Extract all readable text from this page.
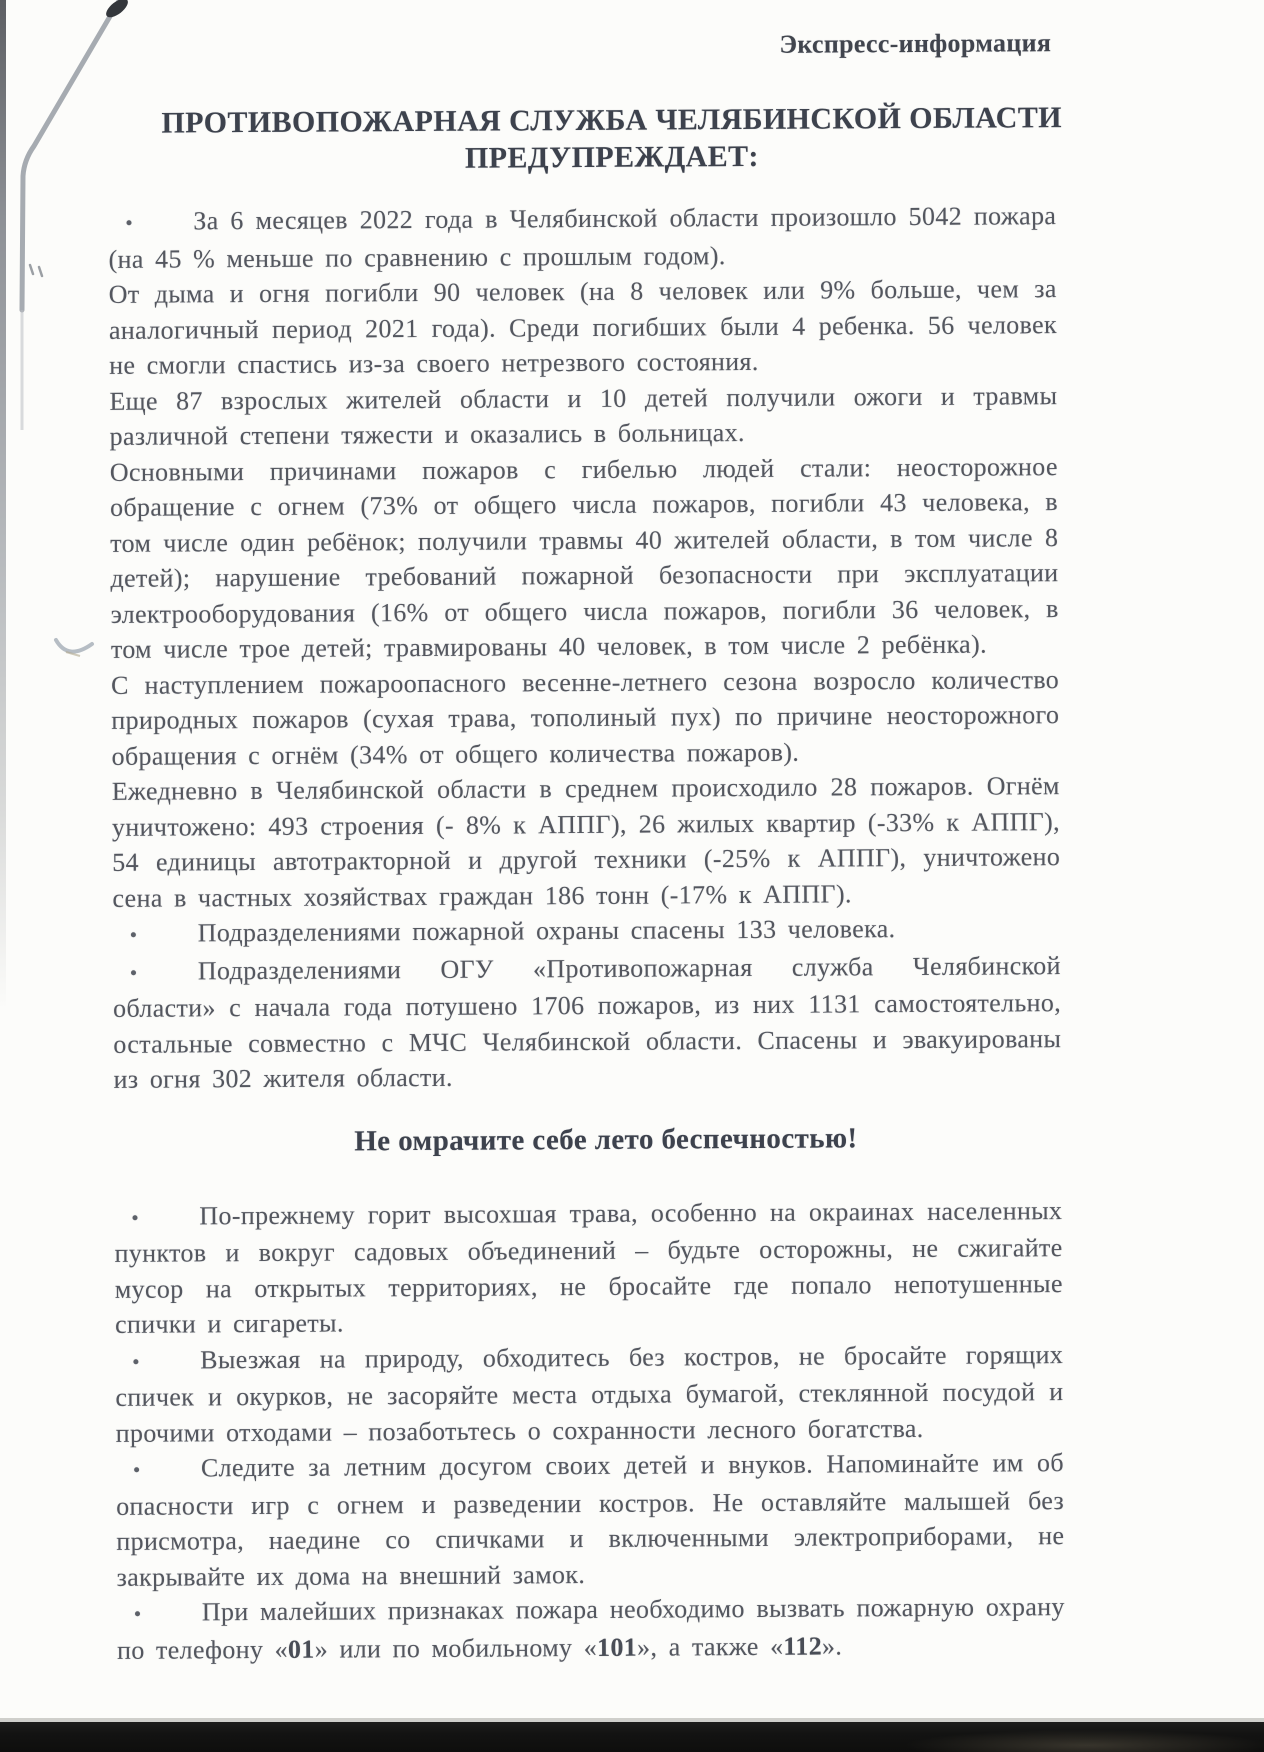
Экспресс-информация
ПРОТИВОПОЖАРНАЯ СЛУЖБА ЧЕЛЯБИНСКОЙ ОБЛАСТИ
ПРЕДУПРЕЖДАЕТ:

• За 6 месяцев 2022 года в Челябинской области произошло 5042 пожара (на 45 % меньше по сравнению с прошлым годом).

От дыма и огня погибли 90 человек (на 8 человек или 9% больше, чем за аналогичный период 2021 года). Среди погибших были 4 ребенка. 56 человек не смогли спастись из-за своего нетрезвого состояния.

Еще 87 взрослых жителей области и 10 детей получили ожоги и травмы различной степени тяжести и оказались в больницах.

Основными причинами пожаров с гибелью людей стали: неосторожное обращение с огнем (73% от общего числа пожаров, погибли 43 человека, в том числе один ребёнок; получили травмы 40 жителей области, в том числе 8 детей); нарушение требований пожарной безопасности при эксплуатации электрооборудования (16% от общего числа пожаров, погибли 36 человек, в том числе трое детей; травмированы 40 человек, в том числе 2 ребёнка).

С наступлением пожароопасного весенне-летнего сезона возросло количество природных пожаров (сухая трава, тополиный пух) по причине неосторожного обращения с огнём (34% от общего количества пожаров).

Ежедневно в Челябинской области в среднем происходило 28 пожаров. Огнём уничтожено: 493 строения (- 8% к АППГ), 26 жилых квартир (-33% к АППГ), 54 единицы автотракторной и другой техники (-25% к АППГ), уничтожено сена в частных хозяйствах граждан 186 тонн (-17% к АППГ).

• Подразделениями пожарной охраны спасены 133 человека.

• Подразделениями ОГУ «Противопожарная служба Челябинской области» с начала года потушено 1706 пожаров, из них 1131 самостоятельно, остальные совместно с МЧС Челябинской области. Спасены и эвакуированы из огня 302 жителя области.

Не омрачите себе лето беспечностью!

• По-прежнему горит высохшая трава, особенно на окраинах населенных пунктов и вокруг садовых объединений – будьте осторожны, не сжигайте мусор на открытых территориях, не бросайте где попало непотушенные спички и сигареты.

• Выезжая на природу, обходитесь без костров, не бросайте горящих спичек и окурков, не засоряйте места отдыха бумагой, стеклянной посудой и прочими отходами – позаботьтесь о сохранности лесного богатства.

• Следите за летним досугом своих детей и внуков. Напоминайте им об опасности игр с огнем и разведении костров. Не оставляйте малышей без присмотра, наедине со спичками и включенными электроприборами, не закрывайте их дома на внешний замок.

• При малейших признаках пожара необходимо вызвать пожарную охрану по телефону «01» или по мобильному «101», а также «112».
